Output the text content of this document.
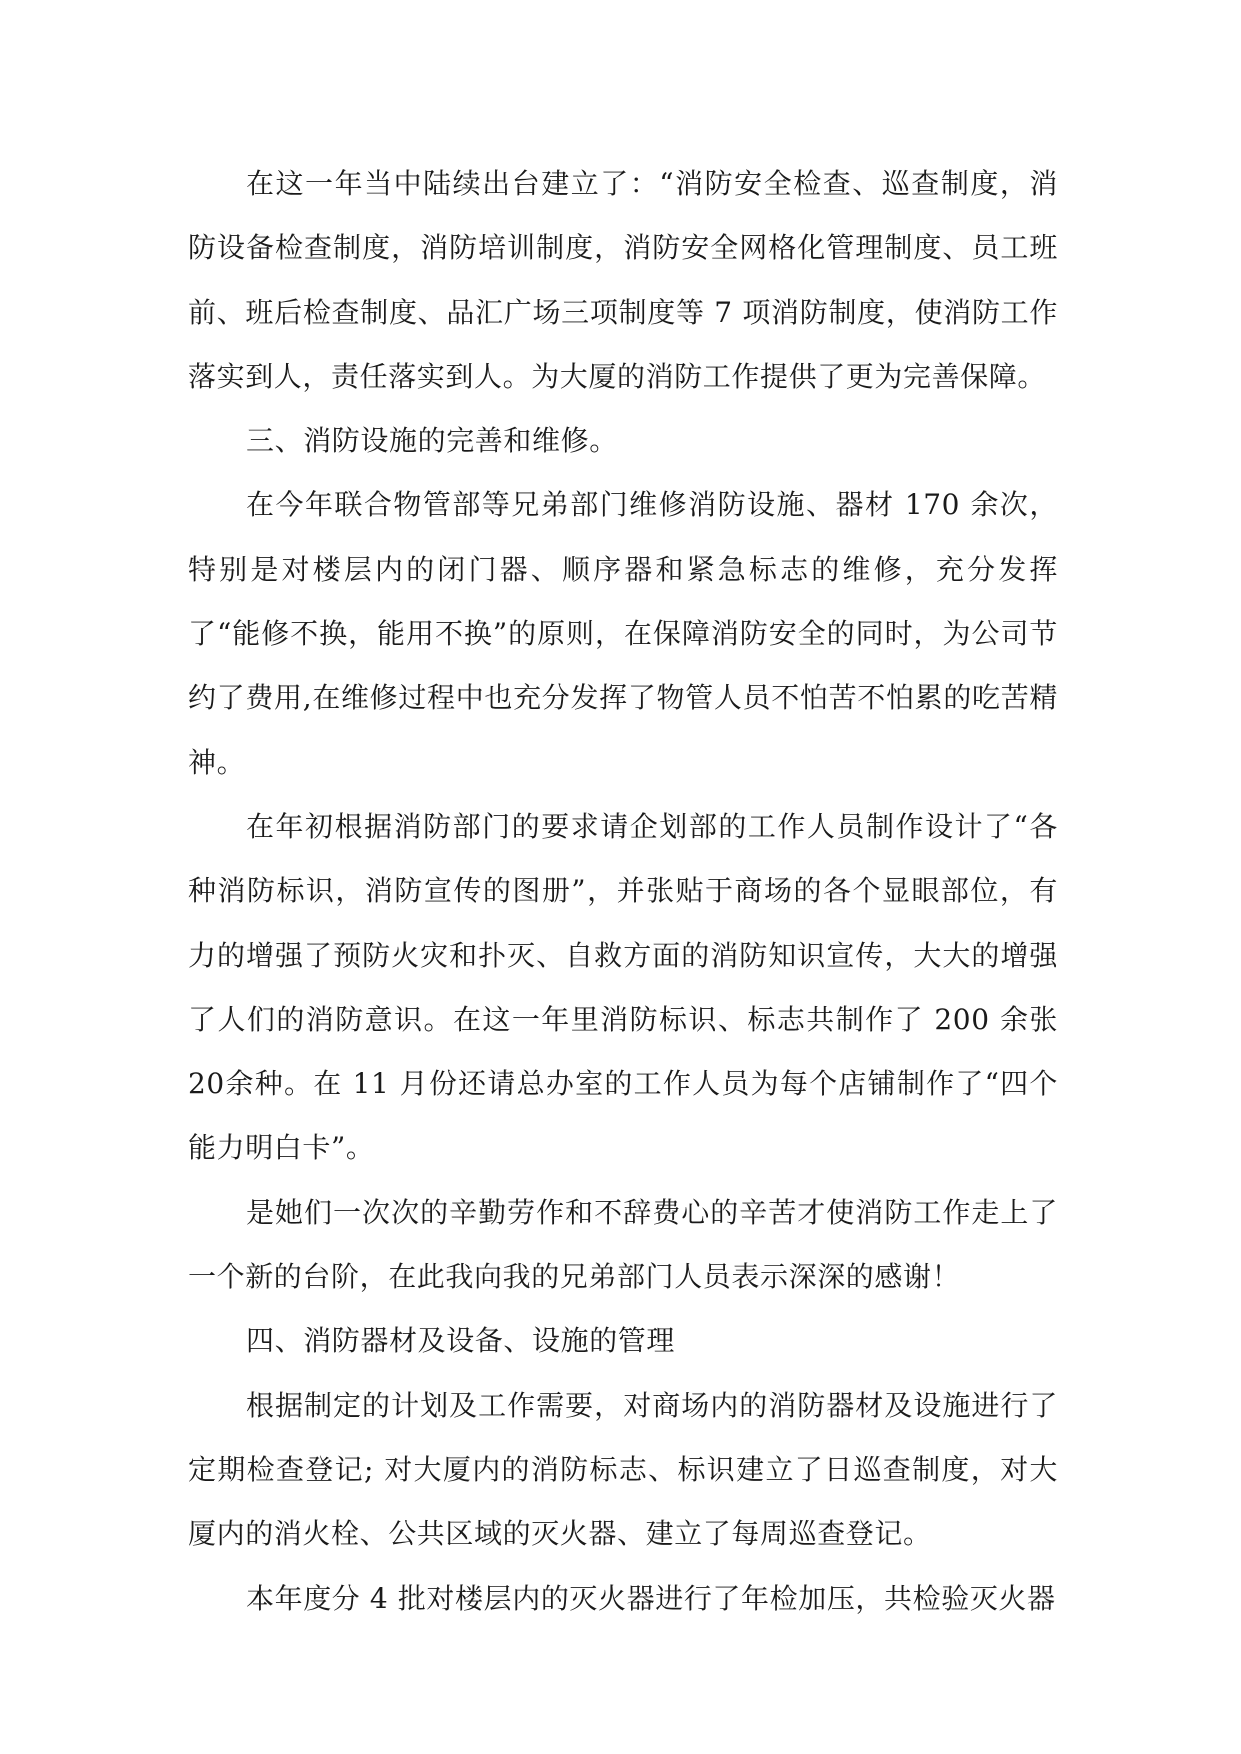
在这一年当中陆续出台建立了：“消防安全检查、巡查制度，消防设备检查制度，消防培训制度，消防安全网格化管理制度、员工班前、班后检查制度、品汇广场三项制度等 7 项消防制度，使消防工作落实到人，责任落实到人。为大厦的消防工作提供了更为完善保障。

三、消防设施的完善和维修。

在今年联合物管部等兄弟部门维修消防设施、器材 170 余次，特别是对楼层内的闭门器、顺序器和紧急标志的维修，充分发挥了“能修不换，能用不换”的原则，在保障消防安全的同时，为公司节约了费用,在维修过程中也充分发挥了物管人员不怕苦不怕累的吃苦精神。

在年初根据消防部门的要求请企划部的工作人员制作设计了“各种消防标识，消防宣传的图册”，并张贴于商场的各个显眼部位，有力的增强了预防火灾和扑灭、自救方面的消防知识宣传，大大的增强了人们的消防意识。在这一年里消防标识、标志共制作了 200 余张 20余种。在 11 月份还请总办室的工作人员为每个店铺制作了“四个能力明白卡”。

是她们一次次的辛勤劳作和不辞费心的辛苦才使消防工作走上了一个新的台阶，在此我向我的兄弟部门人员表示深深的感谢！

四、消防器材及设备、设施的管理

根据制定的计划及工作需要，对商场内的消防器材及设施进行了定期检查登记; 对大厦内的消防标志、标识建立了日巡查制度，对大厦内的消火栓、公共区域的灭火器、建立了每周巡查登记。

本年度分 4 批对楼层内的灭火器进行了年检加压，共检验灭火器
